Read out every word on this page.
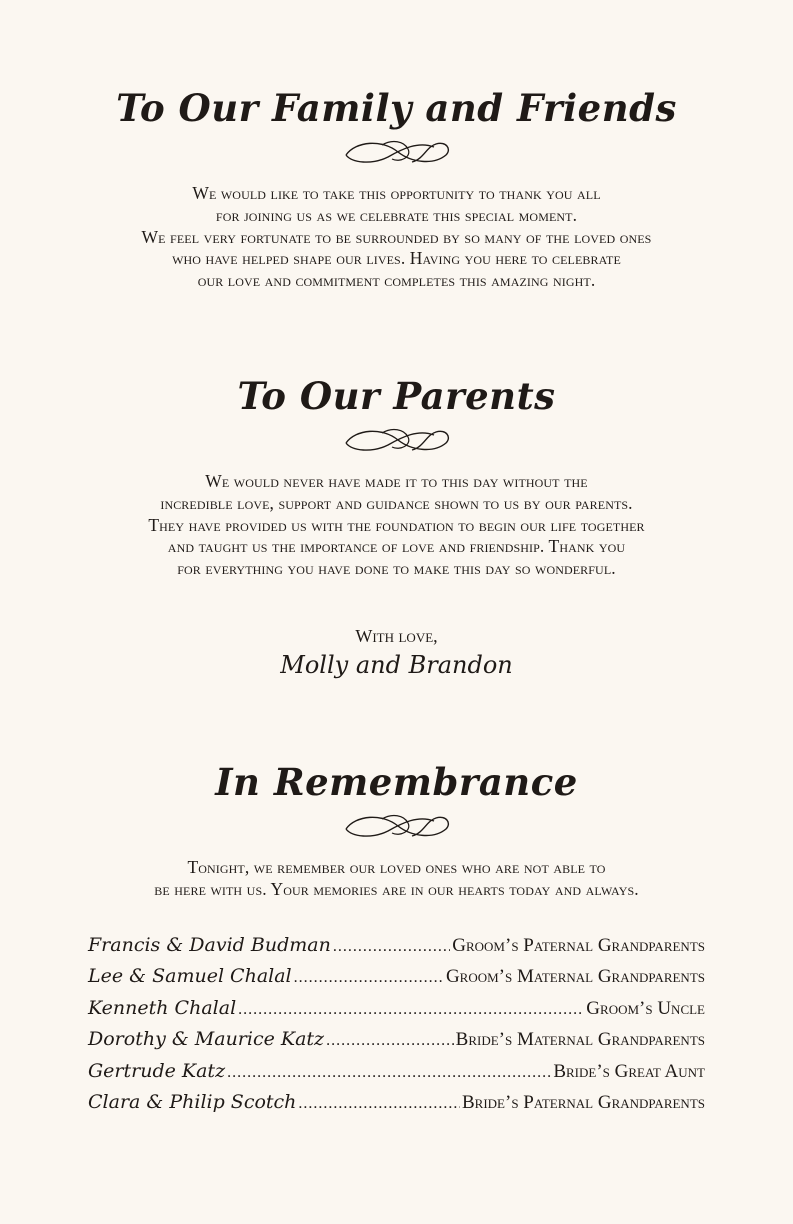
To Our Family and Friends

We would like to take this opportunity to thank you all
for joining us as we celebrate this special moment.
We feel very fortunate to be surrounded by so many of the loved ones
who have helped shape our lives. Having you here to celebrate
our love and commitment completes this amazing night.

To Our Parents

We would never have made it to this day without the
incredible love, support and guidance shown to us by our parents.
They have provided us with the foundation to begin our life together
and taught us the importance of love and friendship. Thank you
for everything you have done to make this day so wonderful.

With love,
Molly and Brandon
In Remembrance

Tonight, we remember our loved ones who are not able to
be here with us. Your memories are in our hearts today and always.

Francis & David Budman .....	Groom’s Paternal Grandparents
Lee & Samuel Chalal .....	Groom’s Maternal Grandparents
Kenneth Chalal .....	Groom’s Uncle
Dorothy & Maurice Katz .....	Bride’s Maternal Grandparents
Gertrude Katz .....	Bride’s Great Aunt
Clara & Philip Scotch .....	Bride’s Paternal Grandparents
